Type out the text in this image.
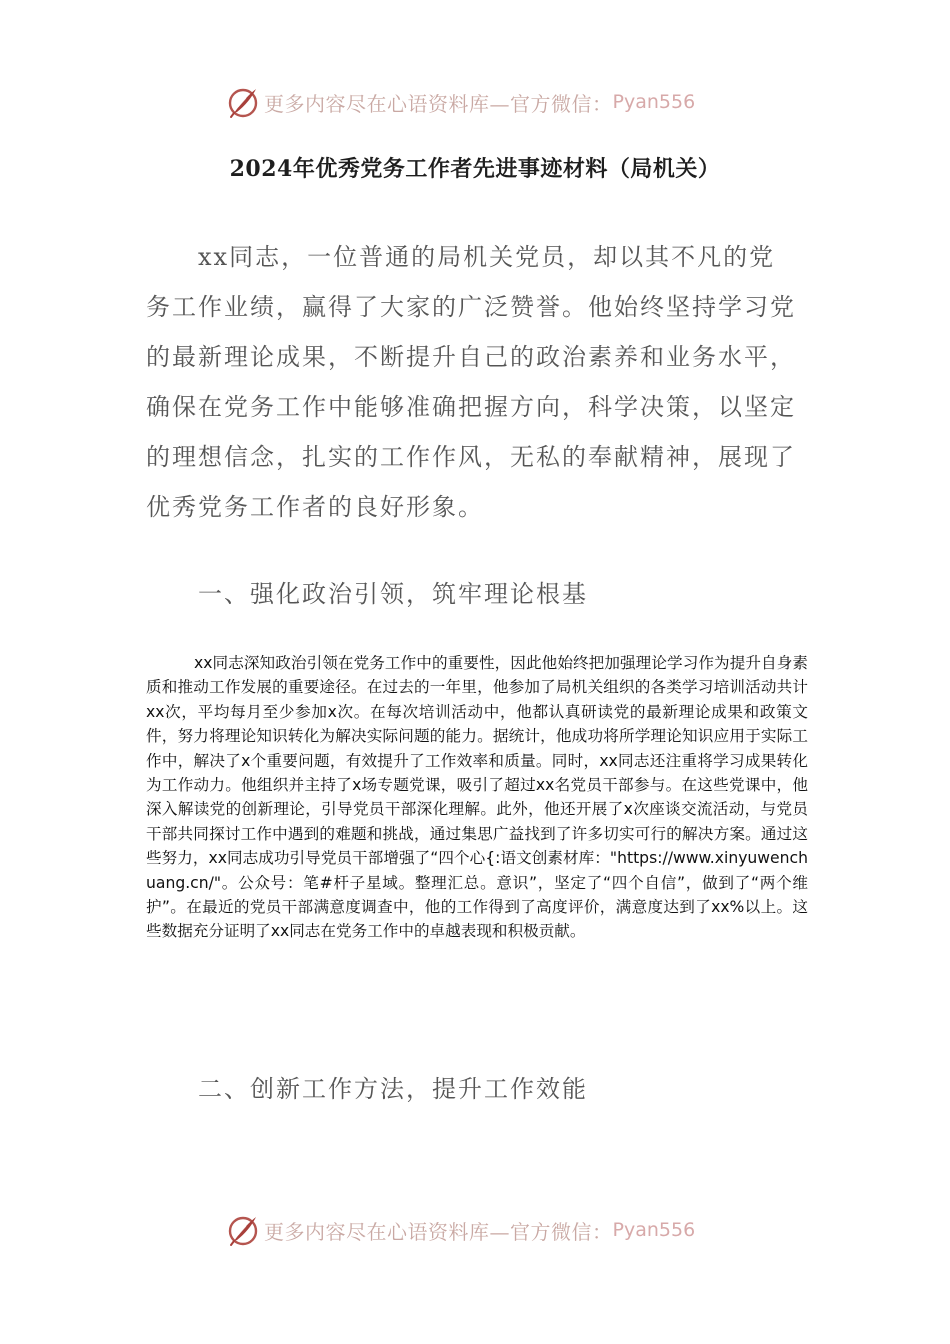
更多内容尽在心语资料库—官方微信： Pyan556
2024年优秀党务工作者先进事迹材料（局机关）

xx同志，一位普通的局机关党员，却以其不凡的党务工作业绩，赢得了大家的广泛赞誉。他始终坚持学习党的最新理论成果，不断提升自己的政治素养和业务水平，确保在党务工作中能够准确把握方向，科学决策，以坚定的理想信念，扎实的工作作风，无私的奉献精神，展现了优秀党务工作者的良好形象。

一、强化政治引领，筑牢理论根基

xx同志深知政治引领在党务工作中的重要性，因此他始终把加强理论学习作为提升自身素质和推动工作发展的重要途径。在过去的一年里，他参加了局机关组织的各类学习培训活动共计xx次，平均每月至少参加x次。在每次培训活动中，他都认真研读党的最新理论成果和政策文件，努力将理论知识转化为解决实际问题的能力。据统计，他成功将所学理论知识应用于实际工作中，解决了x个重要问题，有效提升了工作效率和质量。同时，xx同志还注重将学习成果转化为工作动力。他组织并主持了x场专题党课，吸引了超过xx名党员干部参与。在这些党课中，他深入解读党的创新理论，引导党员干部深化理解。此外，他还开展了x次座谈交流活动，与党员干部共同探讨工作中遇到的难题和挑战，通过集思广益找到了许多切实可行的解决方案。通过这些努力，xx同志成功引导党员干部增强了“四个心{:语文创素材库："https://www.xinyuwenchuang.cn/"。公众号：笔#杆子星域。整理汇总。意识”，坚定了“四个自信”，做到了“两个维护”。在最近的党员干部满意度调查中，他的工作得到了高度评价，满意度达到了xx%以上。这些数据充分证明了xx同志在党务工作中的卓越表现和积极贡献。

二、创新工作方法，提升工作效能
更多内容尽在心语资料库—官方微信： Pyan556
